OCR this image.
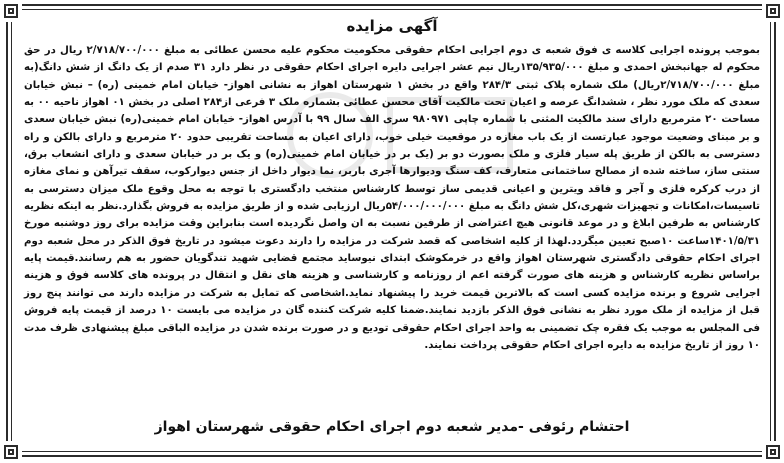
آگهی مزایده
بموجب پرونده اجرایی کلاسه ی فوق شعبه ی دوم اجرایی احکام حقوقی محکومیت محکوم علیه محسن عطائی به مبلغ ۲/۷۱۸/۷۰۰/۰۰۰ ریال در حق محکوم له جهانبخش احمدی و مبلغ ۱۳۵/۹۳۵/۰۰۰ریال نیم عشر اجرایی دایره اجرای احکام حقوقی در نظر دارد ۳۱ صدم از یک دانگ از شش دانگ(به مبلغ ۲/۷۱۸/۷۰۰/۰۰۰ریال) ملک شماره پلاک ثبتی ۲۸۴/۳ واقع در بخش ۱ شهرستان اهواز به نشانی اهواز- خیابان امام خمینی (ره) – نبش خیابان سعدی که ملک مورد نظر ، ششدانگ عرصه و اعیان تحت مالکیت آقای محسن عطائی بشماره ملک ۳ فرعی از۲۸۴ اصلی در بخش ۰۱ اهواز ناحیه ۰۰ به مساحت ۲۰ مترمربع دارای سند مالکیت المثنی با شماره چاپی ۹۸۰۹۷۱ سری الف سال ۹۹ با آدرس اهواز- خیابان امام خمینی(ره) نبش خیابان سعدی و بر مبنای وضعیت موجود عبارتست از یک باب مغازه در موقعیت خیلی خوب، دارای اعیان به مساحت تقریبی حدود ۲۰ مترمربع و دارای بالکن و راه دسترسی به بالکن از طریق پله سیار فلزی و ملک بصورت دو بر (یک بر در خیابان امام خمینی(ره) و یک بر در خیابان سعدی و دارای انشعاب برق، سنتی ساز، ساخته شده از مصالح ساختمانی متعارف، کف سنگ ودیوارها آجری باربر، نما دیوار داخل از جنس دیوارکوب، سقف تیرآهن و نمای مغازه از درب کرکره فلزی و آجر و فاقد ویترین و اعیانی قدیمی ساز توسط کارشناس منتخب دادگستری با توجه به محل وقوع ملک میزان دسترسی به تاسیسات،امکانات و تجهیزات شهری،کل شش دانگ به مبلغ ۵۴/۰۰۰/۰۰۰/۰۰۰ریال ارزیابی شده و از طریق مزایده به فروش بگذارد.نظر به اینکه نظریه کارشناس به طرفین ابلاغ و در موعد قانونی هیچ اعتراضی از طرفین نسبت به ان واصل نگردیده است بنابراین وقت مزایده برای روز دوشنبه مورخ ۱۴۰۱/۵/۳۱ساعت ۱۰صبح تعیین میگردد.لهذا از کلیه اشخاصی که قصد شرکت در مزایده را دارند دعوت میشود در تاریخ فوق الذکر در محل شعبه دوم اجرای احکام حقوقی دادگستری شهرستان اهواز واقع در خرمکوشک ابتدای نیوساید مجتمع قضایی شهید تندگویان حضور به هم رسانند.قیمت پایه براساس نظریه کارشناس و هزینه های صورت گرفته اعم از روزنامه و کارشناسی و هزینه های نقل و انتقال در پرونده های کلاسه فوق و هزینه اجرایی شروع و برنده مزایده کسی است که بالاترین قیمت خرید را پیشنهاد نماید.اشخاصی که تمایل به شرکت در مزایده دارند می توانند پنج روز قبل از مزایده از ملک مورد نظر به نشانی فوق الذکر بازدید نمایند.ضمنا کلیه شرکت کننده گان در مزایده می بایست ۱۰ درصد از قیمت پایه فروش فی المجلس به موجب یک فقره چک تضمینی به واحد اجرای احکام حقوقی تودیع و در صورت برنده شدن در مزایده الباقی مبلغ پیشنهادی ظرف مدت ۱۰ روز از تاریخ مزایده به دایره اجرای احکام حقوقی پرداخت نمایند.
احتشام رئوفی -مدیر شعبه دوم اجرای احکام حقوقی شهرستان اهواز
